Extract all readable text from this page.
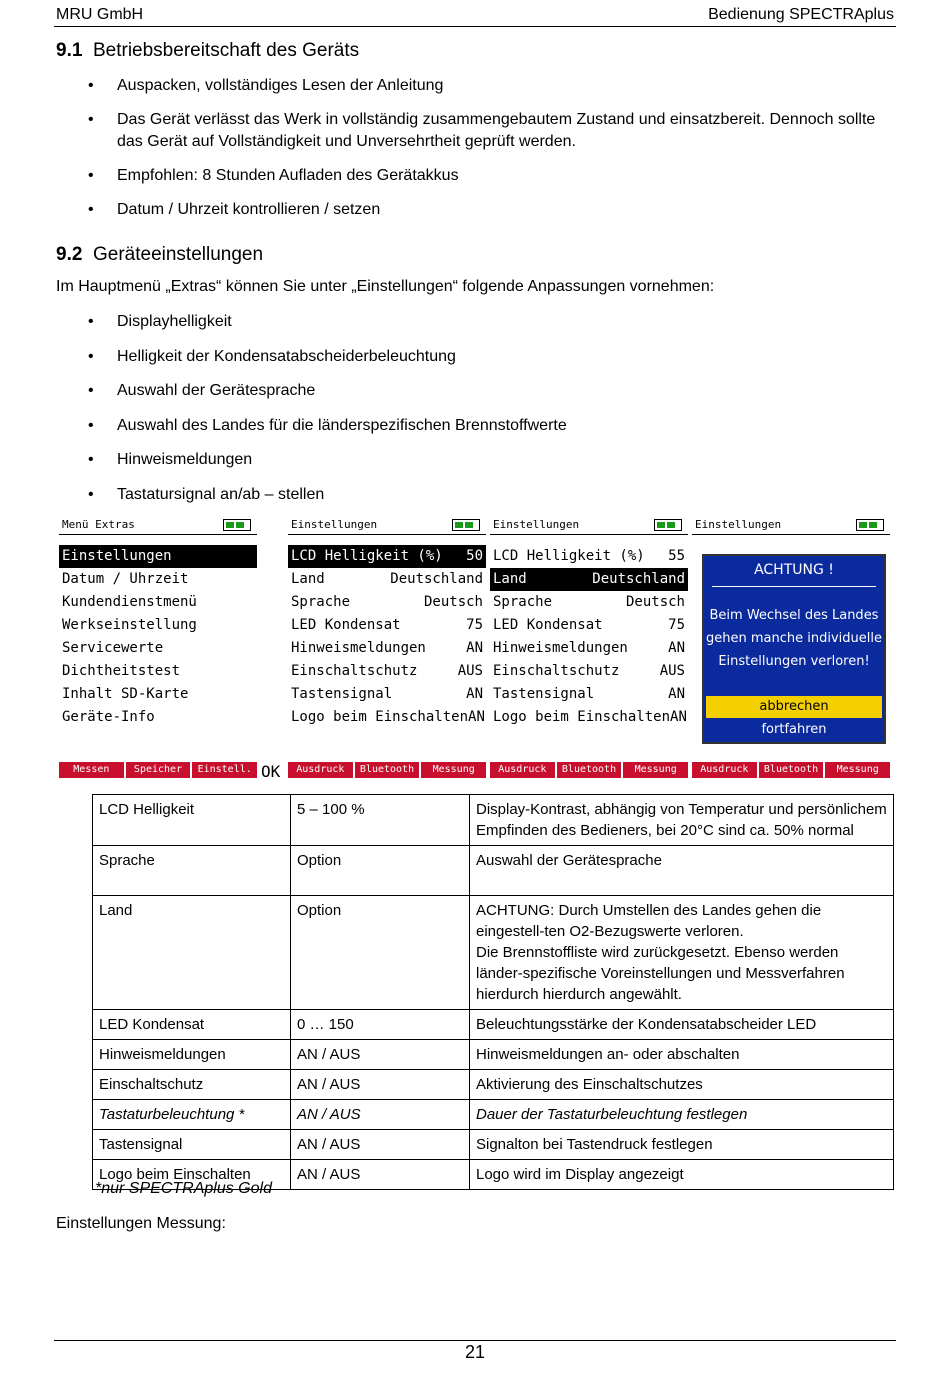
MRU GmbH	Bedienung SPECTRAplus
9.1 Betriebsbereitschaft des Geräts
• Auspacken, vollständiges Lesen der Anleitung
• Das Gerät verlässt das Werk in vollständig zusammengebautem Zustand und einsatzbereit. Dennoch sollte das Gerät auf Vollständigkeit und Unversehrtheit geprüft werden.
• Empfohlen: 8 Stunden Aufladen des Gerätakkus
• Datum / Uhrzeit kontrollieren / setzen
9.2 Geräteeinstellungen
Im Hauptmenü „Extras“ können Sie unter „Einstellungen“ folgende Anpassungen vornehmen:
• Displayhelligkeit
• Helligkeit der Kondensatabscheiderbeleuchtung
• Auswahl der Gerätesprache
• Auswahl des Landes für die länderspezifischen Brennstoffwerte
• Hinweismeldungen
• Tastatursignal an/ab – stellen
Menü Extras
Einstellungen
Datum / Uhrzeit
Kundendienstmenü
Werkseinstellung
Servicewerte
Dichtheitstest
Inhalt SD-Karte
Geräte-Info
Messen	Speicher	Einstell. OK
Einstellungen
LCD Helligkeit (%) 50
Land	Deutschland
Sprache	Deutsch
LED Kondensat	75
Hinweismeldungen	AN
Einschaltschutz	AUS
Tastensignal	AN
Logo beim Einschalten AN
Ausdruck	Bluetooth	Messung
Einstellungen
LCD Helligkeit (%) 55
Land	Deutschland
Sprache	Deutsch
LED Kondensat	75
Hinweismeldungen	AN
Einschaltschutz	AUS
Tastensignal	AN
Logo beim Einschalten AN
Ausdruck	Bluetooth	Messung
Einstellungen
Ausdruck	Bluetooth	Messung
ACHTUNG !
Beim Wechsel des Landes
gehen manche individuelle
Einstellungen verloren!
abbrechen
fortfahren
LCD Helligkeit	5 – 100 %	Display-Kontrast, abhängig von Temperatur und persönlichem Empfinden des Bedieners, bei 20°C sind ca. 50% normal
Sprache	Option	Auswahl der Gerätesprache
Land	Option	ACHTUNG: Durch Umstellen des Landes gehen die eingestell-ten O2-Bezugswerte verloren.
Die Brennstoffliste wird zurückgesetzt. Ebenso werden länder-spezifische Voreinstellungen und Messverfahren hierdurch hierdurch angewählt.
LED Kondensat	0 … 150	Beleuchtungsstärke der Kondensatabscheider LED
Hinweismeldungen	AN / AUS	Hinweismeldungen an- oder abschalten
Einschaltschutz	AN / AUS	Aktivierung des Einschaltschutzes
Tastaturbeleuchtung *	AN / AUS	Dauer der Tastaturbeleuchtung festlegen
Tastensignal	AN / AUS	Signalton bei Tastendruck festlegen
Logo beim Einschalten	AN / AUS	Logo wird im Display angezeigt
*nur SPECTRAplus Gold
Einstellungen Messung:
21
